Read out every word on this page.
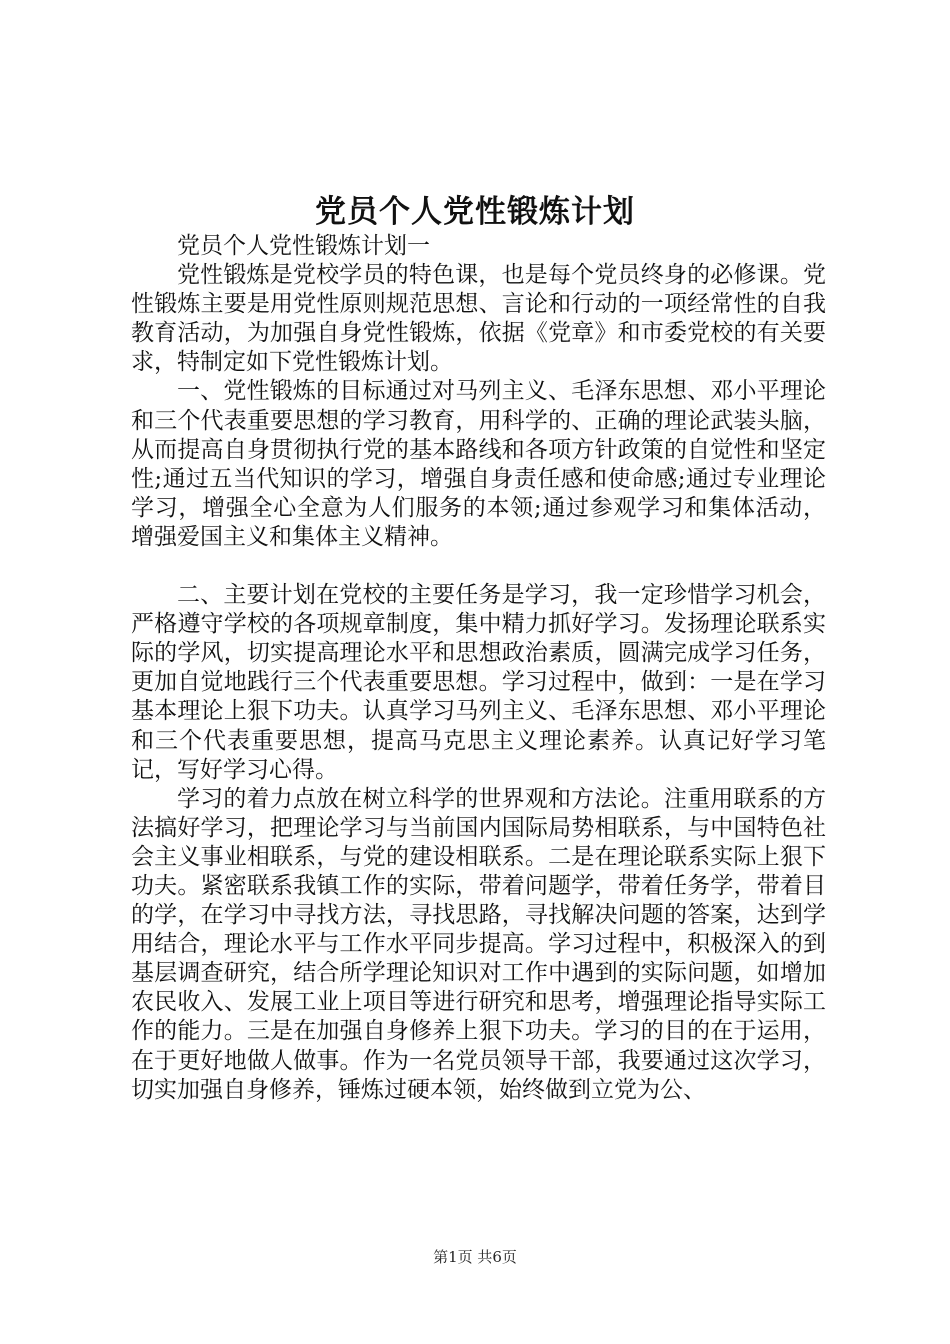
党员个人党性锻炼计划

党员个人党性锻炼计划一

党性锻炼是党校学员的特色课，也是每个党员终身的必修课。党性锻炼主要是用党性原则规范思想、言论和行动的一项经常性的自我教育活动，为加强自身党性锻炼，依据《党章》和市委党校的有关要求，特制定如下党性锻炼计划。

一、党性锻炼的目标通过对马列主义、毛泽东思想、邓小平理论和三个代表重要思想的学习教育，用科学的、正确的理论武装头脑，从而提高自身贯彻执行党的基本路线和各项方针政策的自觉性和坚定性;通过五当代知识的学习，增强自身责任感和使命感;通过专业理论学习，增强全心全意为人们服务的本领;通过参观学习和集体活动，增强爱国主义和集体主义精神。

二、主要计划在党校的主要任务是学习，我一定珍惜学习机会，严格遵守学校的各项规章制度，集中精力抓好学习。发扬理论联系实际的学风，切实提高理论水平和思想政治素质，圆满完成学习任务，更加自觉地践行三个代表重要思想。学习过程中，做到：一是在学习基本理论上狠下功夫。认真学习马列主义、毛泽东思想、邓小平理论和三个代表重要思想，提高马克思主义理论素养。认真记好学习笔记，写好学习心得。

学习的着力点放在树立科学的世界观和方法论。注重用联系的方法搞好学习，把理论学习与当前国内国际局势相联系，与中国特色社会主义事业相联系，与党的建设相联系。二是在理论联系实际上狠下功夫。紧密联系我镇工作的实际，带着问题学，带着任务学，带着目的学，在学习中寻找方法，寻找思路，寻找解决问题的答案，达到学用结合，理论水平与工作水平同步提高。学习过程中，积极深入的到基层调查研究，结合所学理论知识对工作中遇到的实际问题，如增加农民收入、发展工业上项目等进行研究和思考，增强理论指导实际工作的能力。三是在加强自身修养上狠下功夫。学习的目的在于运用，在于更好地做人做事。作为一名党员领导干部，我要通过这次学习，切实加强自身修养，锤炼过硬本领，始终做到立党为公、

第1页 共6页
